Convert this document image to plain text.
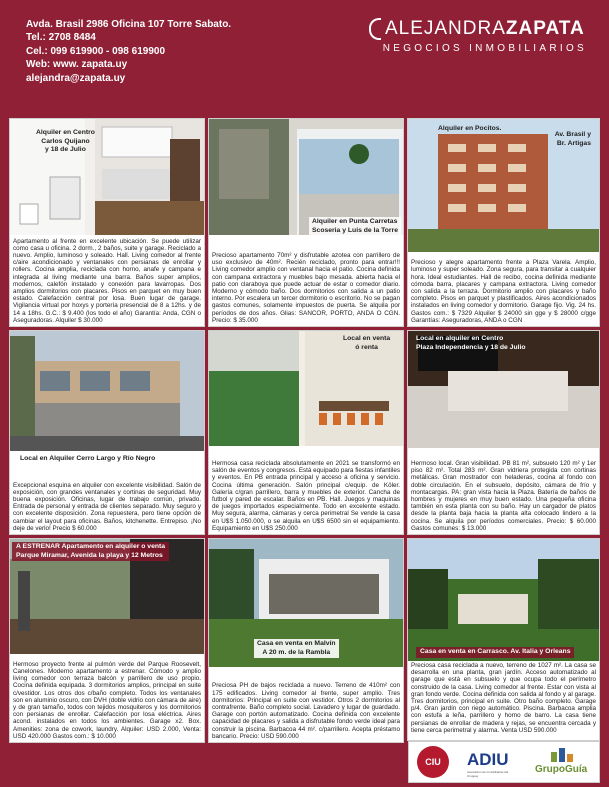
Avda. Brasil 2986 Oficina 107 Torre Sabato.
Tel.: 2708 8484
Cel.: 099 619900 - 098 619900
Web: www. zapata.uy
alejandra@zapata.uy
ALEJANDRAZAPATA
NEGOCIOS INMOBILIARIOS
Alquiler en Centro
Carlos Quijano
y 18 de Julio
Apartamento al frente en excelente ubicación. Se puede utilizar como casa u oficina. 2 dorm., 2 baños, suite y garage. Reciclado a nuevo. Amplio, luminoso y soleado. Hall. Living comedor al frente c/aire acondicionado y ventanales con persianas de enrollar y rollers. Cocina amplia, reciclada con horno, anafe y campana e integrada al living mediante una barra. Baños super amplios, modernos, calefón instalado y conexión para lavarropas. Dos amplios dormitorios con placares. Pisos en parquet en muy buen estado. Calefacción central por losa. Buen lugar de garage. Vigilancia virtual por hoxys y portería presencial de 8 a 12hs. y de 14 a 18hs. G.C.: $ 9.400 (los todo el año) Garantía: Anda, CGN o Aseguradoras. Alquiler $ 30.000
Alquiler en Punta Carretas
Scoseria y Luis de la Torre
Precioso apartamento 70m² y disfrutable azotea con parrillero de uso exclusivo de 40m². Recién reciclado, pronto para entrar!!! Living comedor amplio con ventanal hacia el patio. Cocina definida con campana extractora y muebles bajo mesada. abierta hacia el patio con claraboya que puede actuar de estar o comedor diario. Moderno y cómodo baño. Dos dormitorios con salida a un patio interno. Por escalera un tercer dormitorio o escritorio. No se pagan gastos comunes, solamente impuestos de puerta. Se alquila por períodos de dos años. Glias: SANCOR, PORTO, ANDA O CGN. Precio: $ 35.000
Alquiler en Pocitos.
Av. Brasil y
Br. Artigas
Precioso y alegre apartamento frente a Plaza Varela. Amplio, luminoso y super soleado. Zona segura, para transitar a cualquier hora. Ideal estudiantes. Hall de recibo, cocina definida mediante cómoda barra, placares y campana extractora. Living comedor con salida a la terraza. Dormitorio amplio con placares y baño completo. Pisos en parquet y plastificados. Aires acondicionados instalados en living comedor y dormitorio. Garage fijo. Vig. 24 hs. Gastos com.: $ 7329 Alquiler $ 24000 sin gge y $ 28000 c/gge Garantías: Aseguradoras, ANDA o CGN
Local en Alquiler Cerro Largo y Río Negro
Excepcional esquina en alquiler con excelente visibilidad. Salón de exposición, con grandes ventanales y cortinas de seguridad. Muy buena exposición. Oficinas, lugar de trabajo común, privado. Entrada de personal y entrada de clientes separado. Muy seguro y con excelente disposición. Zona repuestera, pero tiene opción de cambiar el layout para oficinas. Baños, kitchenette. Entrepiso. ¡No deje de verlo! Precio $ 60.000
Local en venta
ó renta
Hermosa casa reciclada absolutamente en 2021 se transformó en salón de eventos y congresos. Está equipado para fiestas infantiles y eventos. En PB entrada principal y acceso a oficina y servicio. Cocina última generación. Salón principal c/equip. de Köler. Galería c/gran parrillero, barra y muebles de exterior. Cancha de futbol y pared de escalar. Baños en PB. Hall. Juegos y maquinas de juegos importados especialmente. Todo en excelente estado. Muy segura, alarma, cámaras y cerca perimetral Se vende la casa en U$S 1.050.000, o se alquila en U$S 6500 sin el equipamiento. Equipamiento en U$S 250.000
Local en alquiler en Centro
Plaza Independencia y 18 de Julio
Hermoso local. Gran visibilidad. PB 81 m², subsuelo 120 m² y 1er piso 82 m². Total 283 m². Gran vidriera protegida con cortinas metálicas. Gran mostrador con heladeras, cocina al fondo con doble circulación. En el subsuelo, depósito, cámara de frío y montacargas. PA: gran vista hacia la Plaza. Batería de baños de hombres y mujeres en muy buen estado. Una pequeña oficina también en esta planta con su baño. Hay un cargador de platos desde la planta baja hacia la planta alta colocado lindero a la cocina. Se alquila por períodos comerciales. Precio: $ 60.000 Gastos comunes: $ 13.000
A ESTRENAR Apartamento en alquiler o venta
Parque Miramar, Avenida la playa y 12 Metros
Hermoso proyecto frente al pulmón verde del Parque Roosevelt, Canelones. Moderno apartamento a estrenar. Cómodo y amplio living comedor con terraza balcón y parrillero de uso propio. Cocina definida equipada. 3 dormitorios amplios, principal en suite c/vestidor. Los otros dos c/baño completo. Todos los ventanales son en aluminio oscuro, con DVH (doble vidrio con cámara de aire) y de gran tamaño, todos con tejidos mosquiteros y los dormitorios con persianas de enrollar. Calefacción por losa eléctrica. Aires acond. instalados en todos los ambientes. Garage x2. Box. Amenities: zona de cowork, laundry. Alquiler: USD 2.000, Venta: USD 420.000 Gastos com.: $ 10.000
Casa en venta en Malvín
A 20 m. de la Rambla
Preciosa PH de bajos reciclada a nuevo. Terreno de 410m² con 175 edificados. Living comedor al frente, super amplio. Tres dormitorios: Principal en suite con vestidor. Otros 2 dormitorios al contrafrente. Baño completo social. Lavadero y lugar de guardado. Garage con portón automatizado. Cocina definida con excelente capacidad de placares y salida a disfrutable fondo verde ideal para construir la piscina. Barbacoa 44 m². c/parrillero. Acepta préstamo bancario. Precio: USD 590.000
Casa en venta en Carrasco. Av. Italia y Orleans
Preciosa casa reciclada a nuevo, terreno de 1027 m². La casa se desarrolla en una planta, gran jardín. Acceso automatizado al garage que está en subsuelo y que ocupa todo el perímetro construido de la casa. Living comedor al frente. Estar con vista al gran fondo verde. Cocina definida con salida al fondo y al garage. Tres dormitorios, principal en suite. Otro baño completo. Garage p/4. Gran jardín con riego automático. Piscina. Barbacoa amplia con estufa a leña, parrillero y horno de barro. La casa tiene persianas de enrollar de madera y rejas, se encuentra cercada y tiene cerca perimetral y alarma. Venta USD 590.000
CIU	ADIU
Asociación de Inmobiliarias del Uruguay
GrupoGuía
